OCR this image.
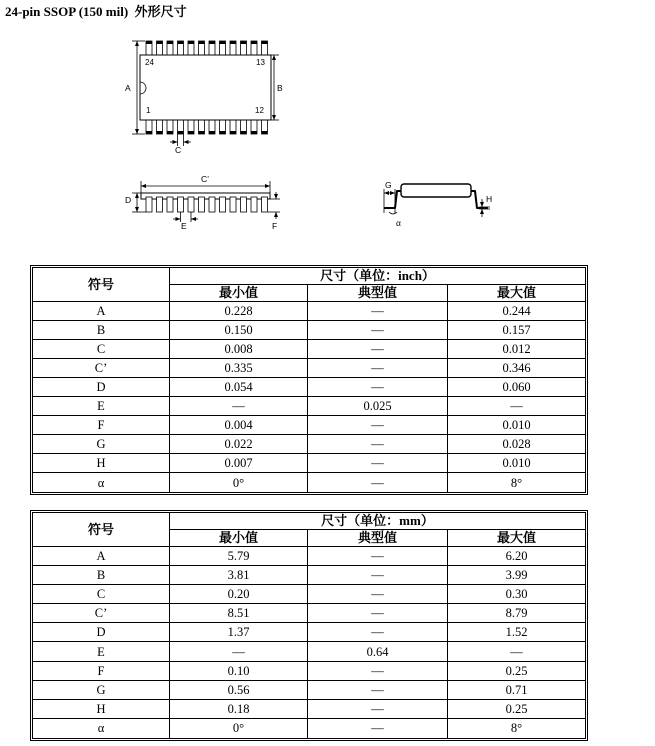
24-pin SSOP (150 mil)  外形尺寸
24	13
1	12
A	B
C
C’
D
E	F
G
H
α
符号	尺寸（单位：inch）		
	最小值	典型值	最大值
A	0.228	—	0.244
B	0.150	—	0.157
C	0.008	—	0.012
C’	0.335	—	0.346
D	0.054	—	0.060
E	—	0.025	—
F	0.004	—	0.010
G	0.022	—	0.028
H	0.007	—	0.010
α	0°	—	8°
符号	尺寸（单位：mm）		
	最小值	典型值	最大值
A	5.79	—	6.20
B	3.81	—	3.99
C	0.20	—	0.30
C’	8.51	—	8.79
D	1.37	—	1.52
E	—	0.64	—
F	0.10	—	0.25
G	0.56	—	0.71
H	0.18	—	0.25
α	0°	—	8°
